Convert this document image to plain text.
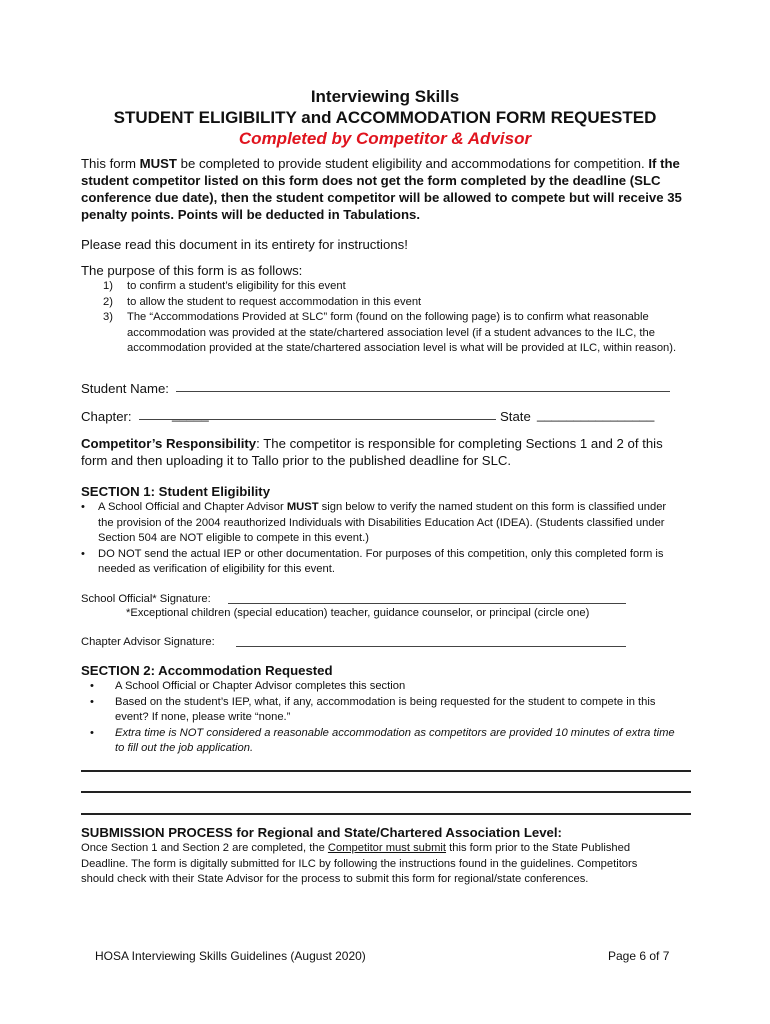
Interviewing Skills
STUDENT ELIGIBILITY and ACCOMMODATION FORM REQUESTED
Completed by Competitor & Advisor
This form MUST be completed to provide student eligibility and accommodations for competition. If the student competitor listed on this form does not get the form completed by the deadline (SLC conference due date), then the student competitor will be allowed to compete but will receive 35 penalty points. Points will be deducted in Tabulations.
Please read this document in its entirety for instructions!
The purpose of this form is as follows:
1) to confirm a student’s eligibility for this event
2) to allow the student to request accommodation in this event
3) The “Accommodations Provided at SLC” form (found on the following page) is to confirm what reasonable accommodation was provided at the state/chartered association level (if a student advances to the ILC, the accommodation provided at the state/chartered association level is what will be provided at ILC, within reason).
Student Name:
Chapter:	_____	State ________________
Competitor’s Responsibility: The competitor is responsible for completing Sections 1 and 2 of this form and then uploading it to Tallo prior to the published deadline for SLC.
SECTION 1: Student Eligibility
• A School Official and Chapter Advisor MUST sign below to verify the named student on this form is classified under the provision of the 2004 reauthorized Individuals with Disabilities Education Act (IDEA). (Students classified under Section 504 are NOT eligible to compete in this event.)
• DO NOT send the actual IEP or other documentation. For purposes of this competition, only this completed form is needed as verification of eligibility for this event.
School Official* Signature:
*Exceptional children (special education) teacher, guidance counselor, or principal (circle one)
Chapter Advisor Signature:
SECTION 2: Accommodation Requested
• A School Official or Chapter Advisor completes this section
• Based on the student’s IEP, what, if any, accommodation is being requested for the student to compete in this event? If none, please write “none.”
• Extra time is NOT considered a reasonable accommodation as competitors are provided 10 minutes of extra time to fill out the job application.
SUBMISSION PROCESS for Regional and State/Chartered Association Level:
Once Section 1 and Section 2 are completed, the Competitor must submit this form prior to the State Published Deadline. The form is digitally submitted for ILC by following the instructions found in the guidelines. Competitors should check with their State Advisor for the process to submit this form for regional/state conferences.
HOSA Interviewing Skills Guidelines (August 2020)	Page 6 of 7
